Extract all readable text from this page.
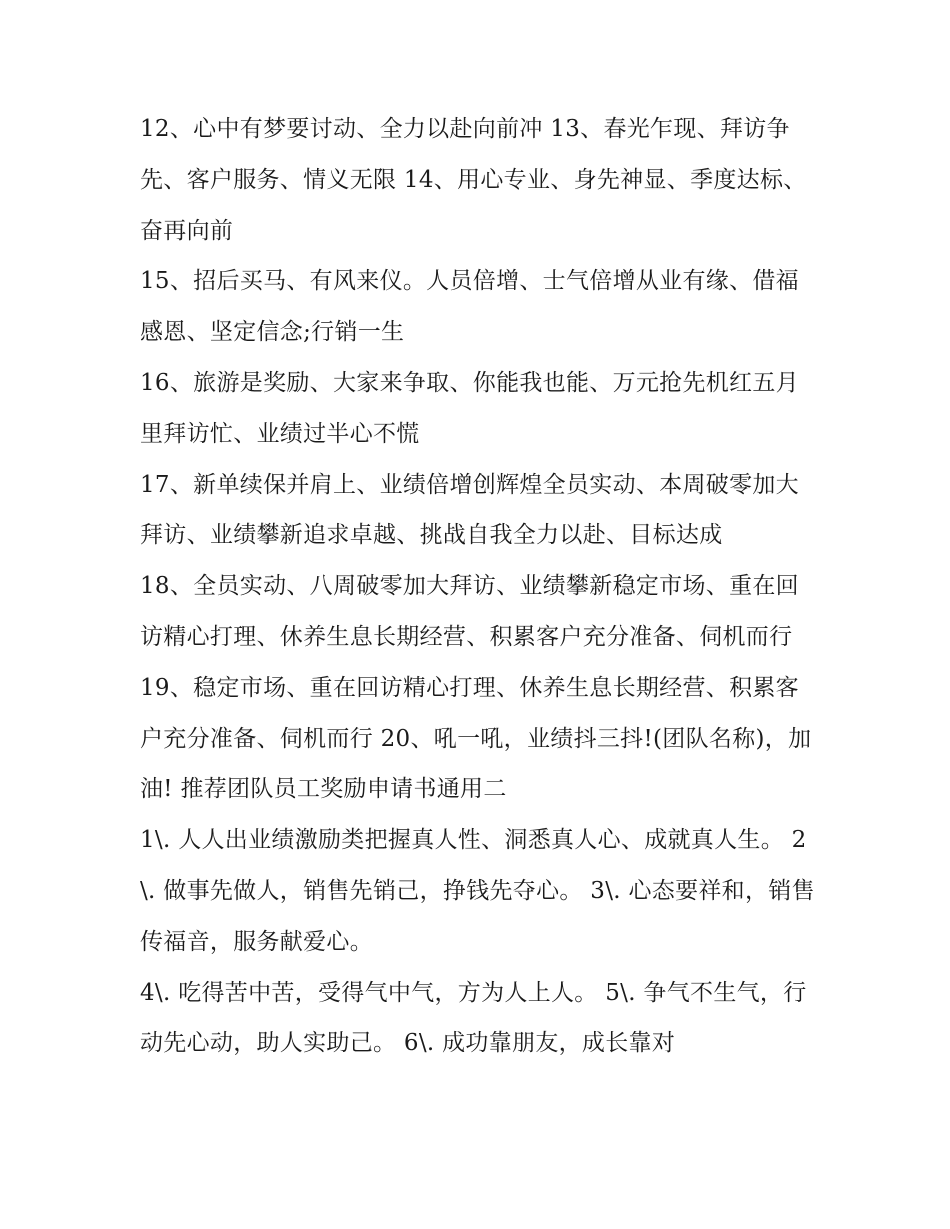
12、心中有梦要讨动、全力以赴向前冲 13、春光乍现、拜访争先、客户服务、情义无限 14、用心专业、身先神显、季度达标、奋再向前

15、招后买马、有风来仪。人员倍增、士气倍增从业有缘、借福感恩、坚定信念;行销一生

16、旅游是奖励、大家来争取、你能我也能、万元抢先机红五月里拜访忙、业绩过半心不慌

17、新单续保并肩上、业绩倍增创辉煌全员实动、本周破零加大拜访、业绩攀新追求卓越、挑战自我全力以赴、目标达成

18、全员实动、八周破零加大拜访、业绩攀新稳定市场、重在回访精心打理、休养生息长期经营、积累客户充分准备、伺机而行

19、稳定市场、重在回访精心打理、休养生息长期经营、积累客户充分准备、伺机而行 20、吼一吼，业绩抖三抖!(团队名称)，加油! 推荐团队员工奖励申请书通用二

1\. 人人出业绩激励类把握真人性、洞悉真人心、成就真人生。 2\. 做事先做人，销售先销己，挣钱先夺心。 3\. 心态要祥和，销售传福音，服务献爱心。

4\. 吃得苦中苦，受得气中气，方为人上人。 5\. 争气不生气，行动先心动，助人实助己。 6\. 成功靠朋友，成长靠对
